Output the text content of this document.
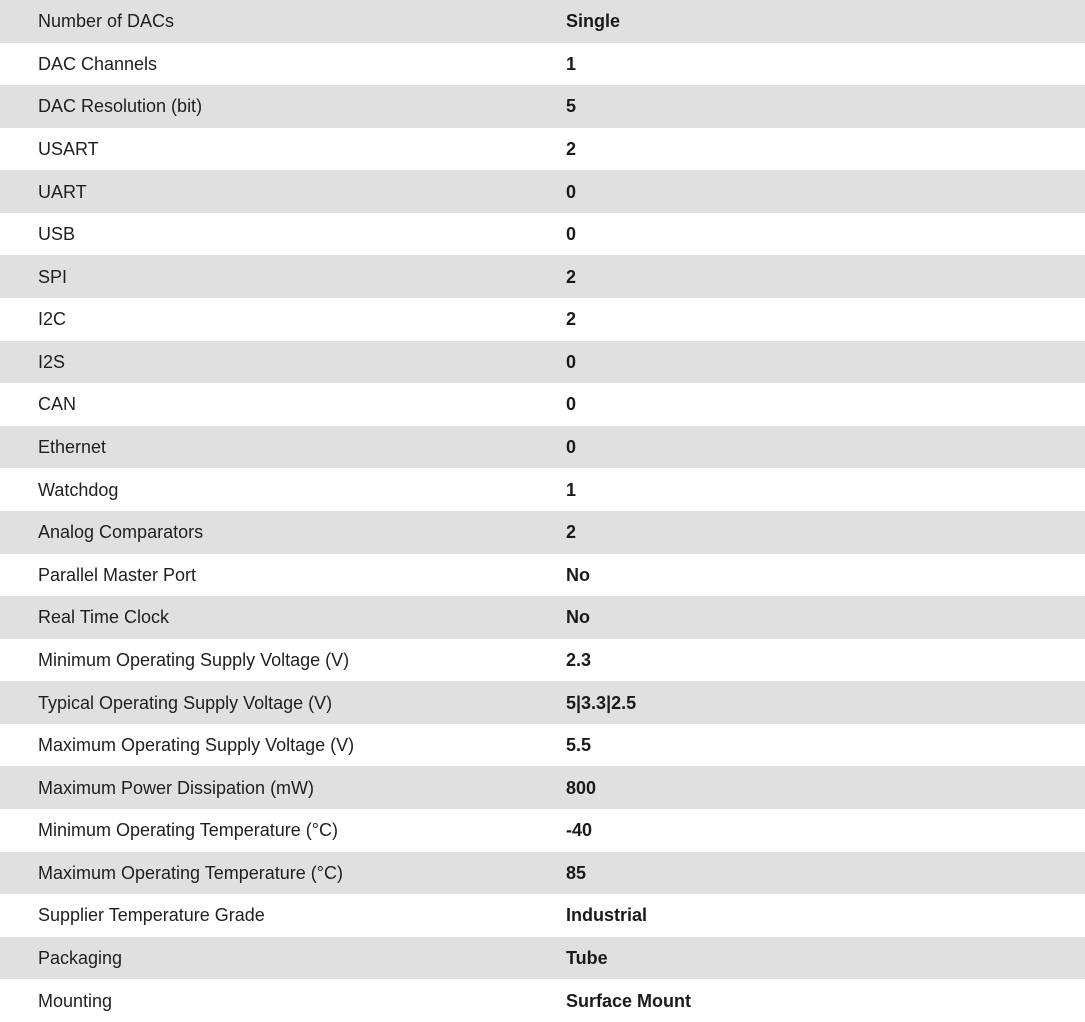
Number of DACs	Single
DAC Channels	1
DAC Resolution (bit)	5
USART	2
UART	0
USB	0
SPI	2
I2C	2
I2S	0
CAN	0
Ethernet	0
Watchdog	1
Analog Comparators	2
Parallel Master Port	No
Real Time Clock	No
Minimum Operating Supply Voltage (V)	2.3
Typical Operating Supply Voltage (V)	5|3.3|2.5
Maximum Operating Supply Voltage (V)	5.5
Maximum Power Dissipation (mW)	800
Minimum Operating Temperature (°C)	-40
Maximum Operating Temperature (°C)	85
Supplier Temperature Grade	Industrial
Packaging	Tube
Mounting	Surface Mount
